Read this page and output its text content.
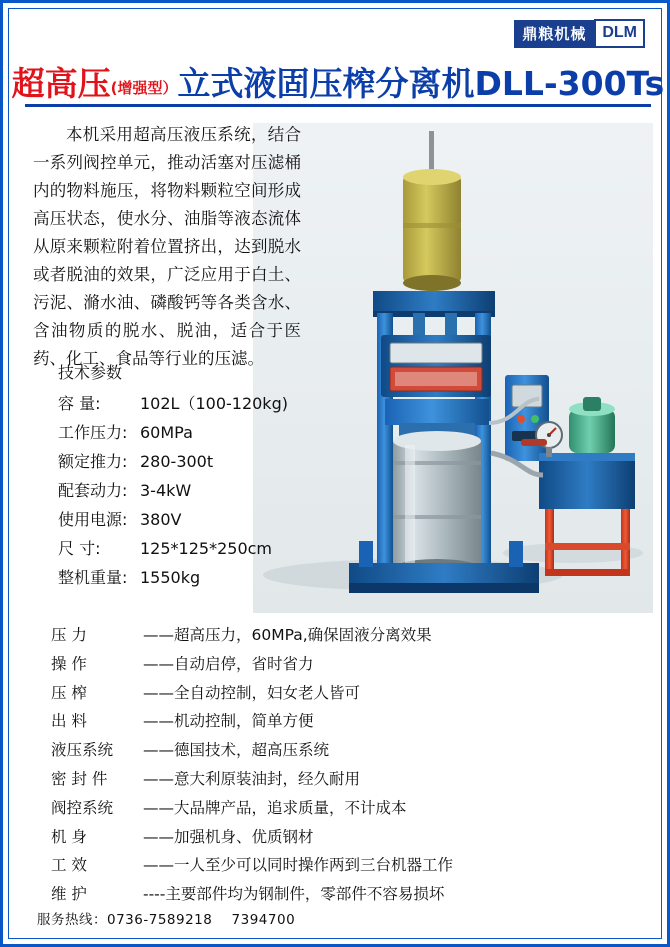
鼎粮机械	DLM
超高压(增强型）立式液固压榨分离机DLL-300Ts
本机采用超高压液压系统，结合一系列阀控单元，推动活塞对压滤桶内的物料施压，将物料颗粒空间形成高压状态，使水分、油脂等液态流体从原来颗粒附着位置挤出，达到脱水或者脱油的效果，广泛应用于白土、污泥、滫水油、磷酸钙等各类含水、含油物质的脱水、脱油，适合于医药、化工、食品等行业的压滤。
技术参数
容 量: 102L（100-120kg)
工作压力: 60MPa
额定推力: 280-300t
配套动力: 3-4kW
使用电源: 380V
尺 寸: 125*125*250cm
整机重量: 1550kg
压 力	——超高压力，60MPa,确保固液分离效果
操 作	——自动启停，省时省力
压 榨	——全自动控制，妇女老人皆可
出 料	——机动控制，简单方便
液压系统 ——德国技术，超高压系统
密 封 件 ——意大利原装油封，经久耐用
阀控系统 ——大品牌产品，追求质量，不计成本
机 身	——加强机身、优质钢材
工 效	——一人至少可以同时操作两到三台机器工作
维 护	----主要部件均为钢制件，零部件不容易损坏
服务热线：0736-7589218 7394700
